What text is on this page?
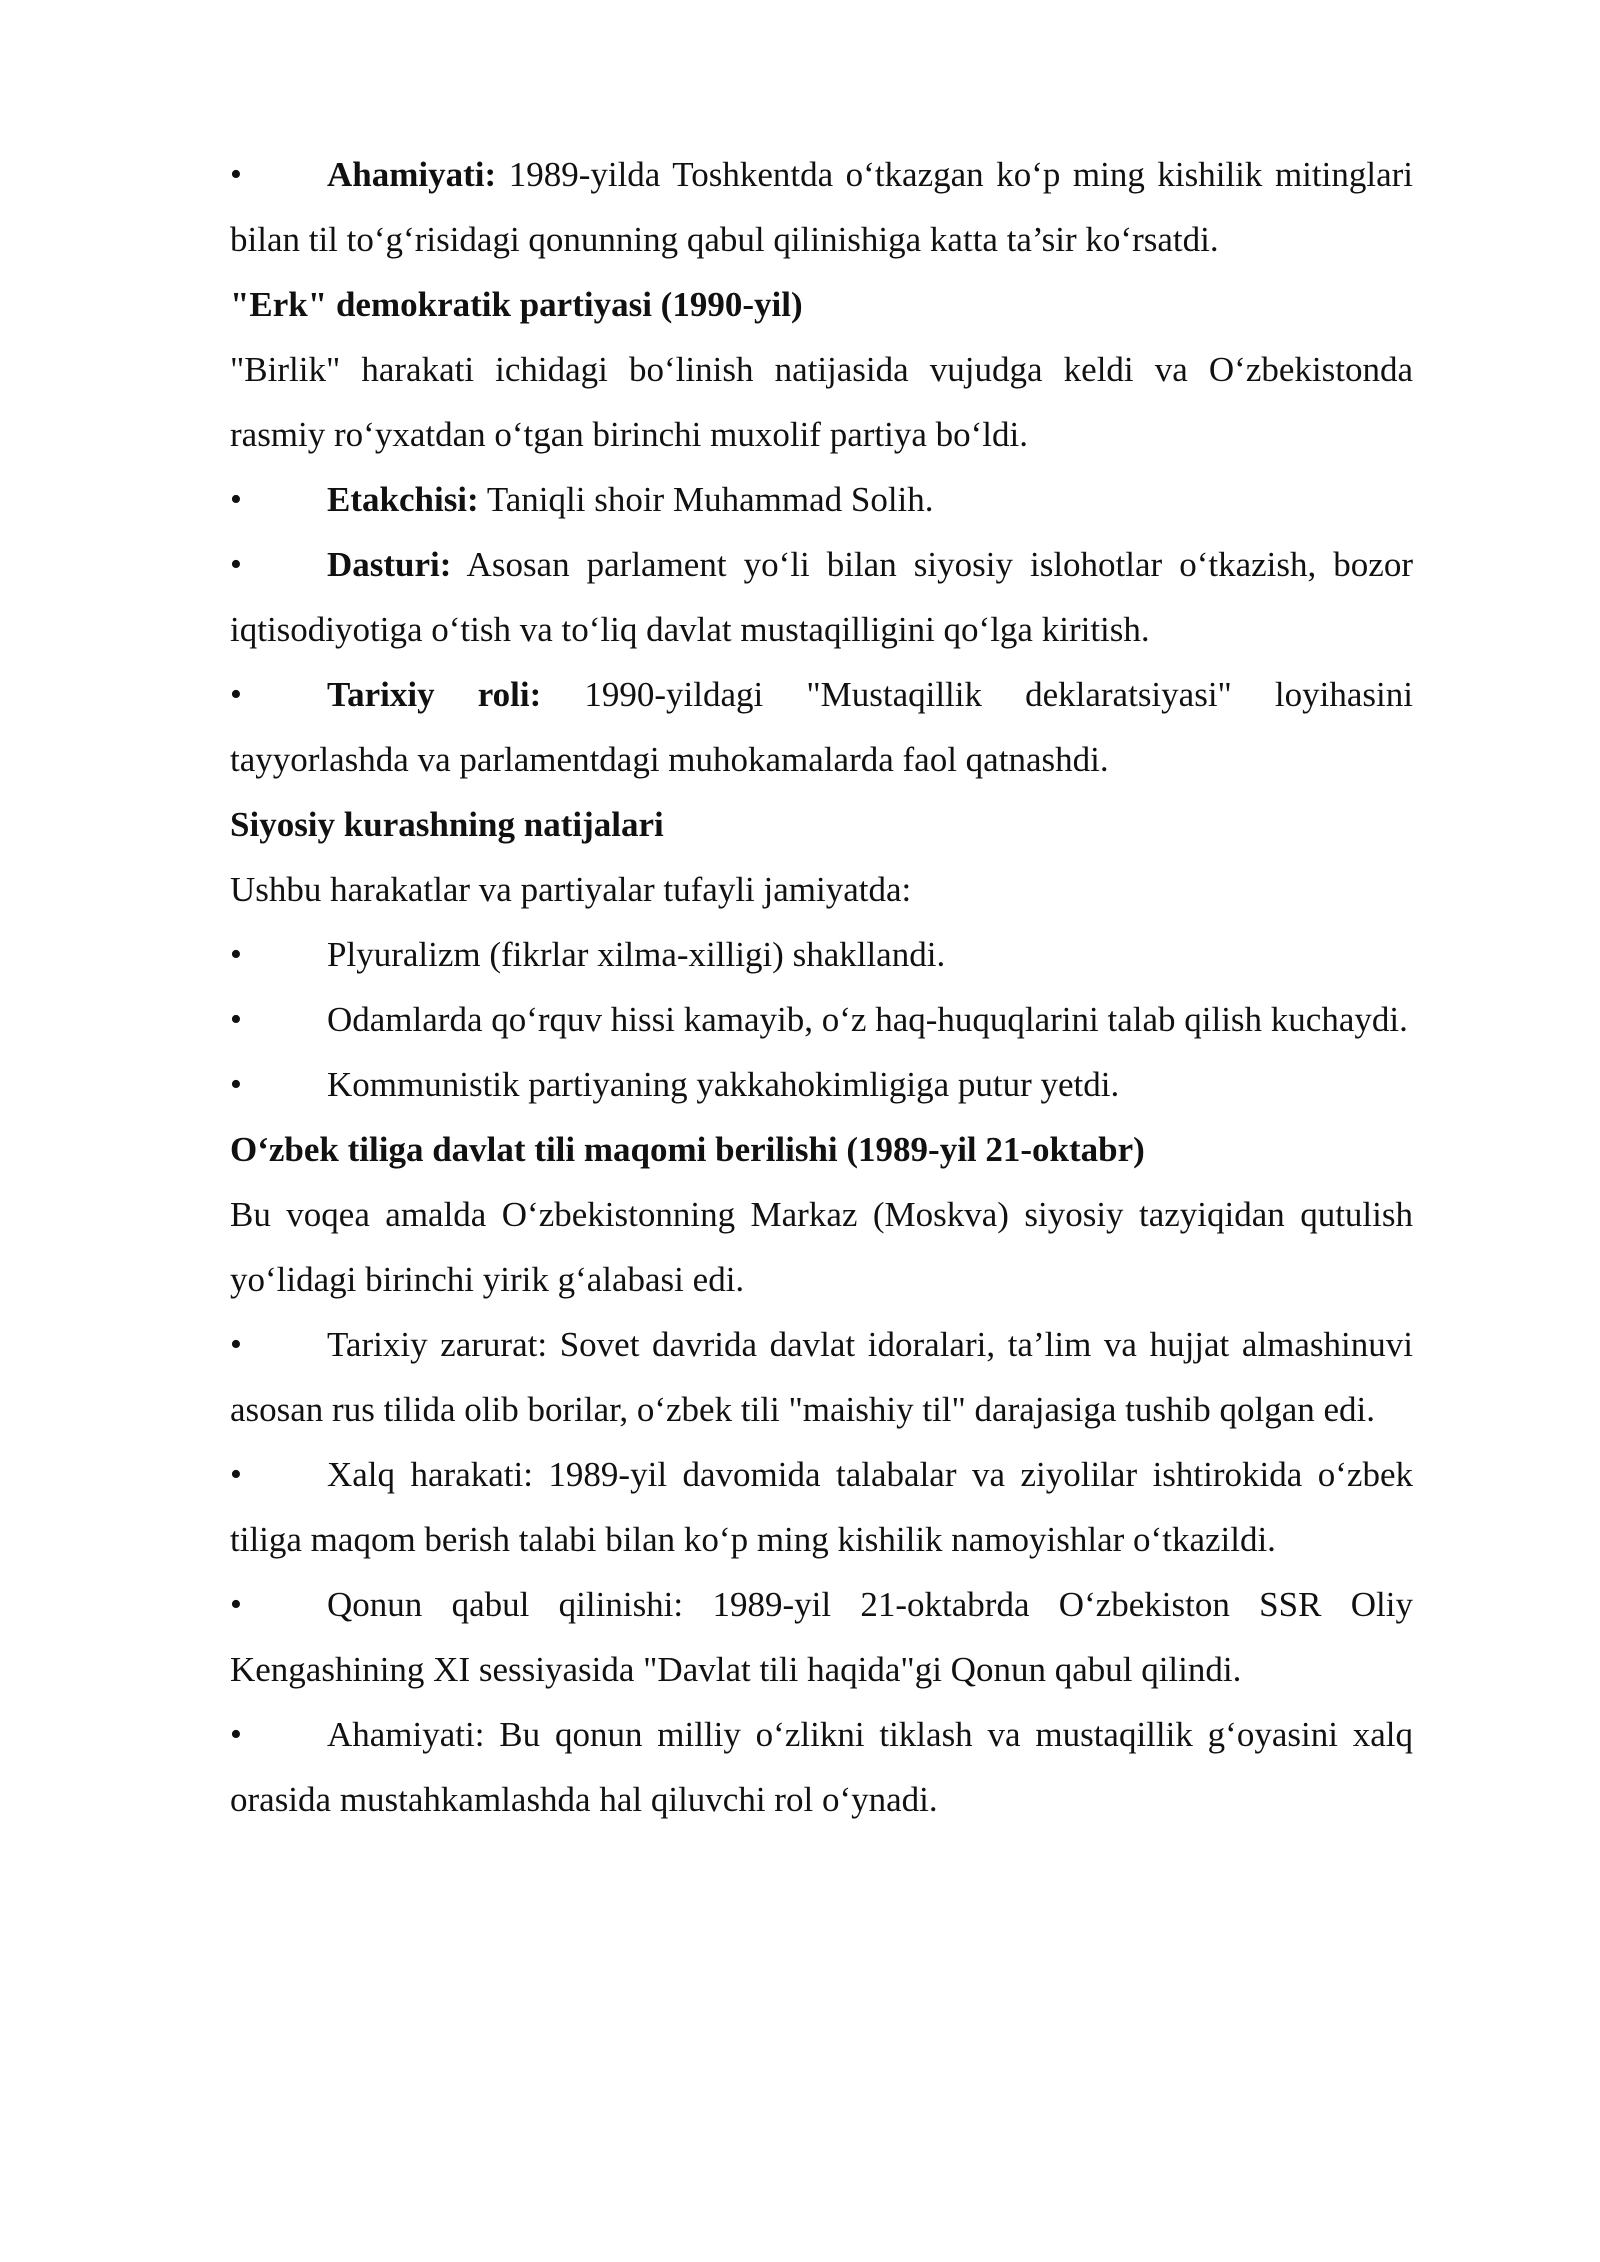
• Ahamiyati: 1989-yilda Toshkentda o‘tkazgan ko‘p ming kishilik mitinglari bilan til to‘g‘risidagi qonunning qabul qilinishiga katta ta’sir ko‘rsatdi.

"Erk" demokratik partiyasi (1990-yil)

"Birlik" harakati ichidagi bo‘linish natijasida vujudga keldi va O‘zbekistonda rasmiy ro‘yxatdan o‘tgan birinchi muxolif partiya bo‘ldi.

• Etakchisi: Taniqli shoir Muhammad Solih.

• Dasturi: Asosan parlament yo‘li bilan siyosiy islohotlar o‘tkazish, bozor iqtisodiyotiga o‘tish va to‘liq davlat mustaqilligini qo‘lga kiritish.

• Tarixiy roli: 1990-yildagi "Mustaqillik deklaratsiyasi" loyihasini tayyorlashda va parlamentdagi muhokamalarda faol qatnashdi.

Siyosiy kurashning natijalari

Ushbu harakatlar va partiyalar tufayli jamiyatda:

• Plyuralizm (fikrlar xilma-xilligi) shakllandi.

• Odamlarda qo‘rquv hissi kamayib, o‘z haq-huquqlarini talab qilish kuchaydi.

• Kommunistik partiyaning yakkahokimligiga putur yetdi.

O‘zbek tiliga davlat tili maqomi berilishi (1989-yil 21-oktabr)

Bu voqea amalda O‘zbekistonning Markaz (Moskva) siyosiy tazyiqidan qutulish yo‘lidagi birinchi yirik g‘alabasi edi.

• Tarixiy zarurat: Sovet davrida davlat idoralari, ta’lim va hujjat almashinuvi asosan rus tilida olib borilar, o‘zbek tili "maishiy til" darajasiga tushib qolgan edi.

• Xalq harakati: 1989-yil davomida talabalar va ziyolilar ishtirokida o‘zbek tiliga maqom berish talabi bilan ko‘p ming kishilik namoyishlar o‘tkazildi.

• Qonun qabul qilinishi: 1989-yil 21-oktabrda O‘zbekiston SSR Oliy Kengashining XI sessiyasida "Davlat tili haqida"gi Qonun qabul qilindi.

• Ahamiyati: Bu qonun milliy o‘zlikni tiklash va mustaqillik g‘oyasini xalq orasida mustahkamlashda hal qiluvchi rol o‘ynadi.
